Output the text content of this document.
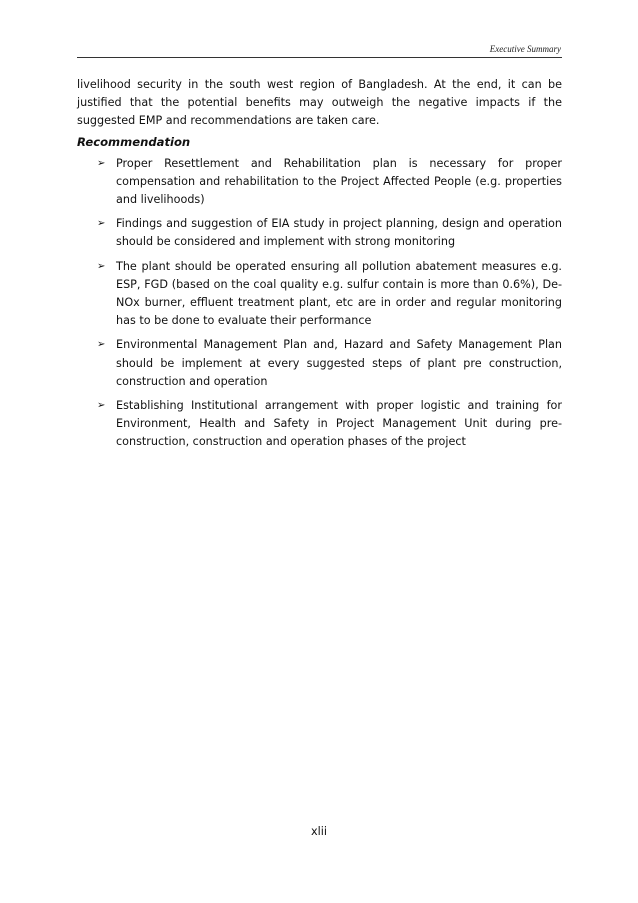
Executive Summary

livelihood security in the south west region of Bangladesh. At the end, it can be justified that the potential benefits may outweigh the negative impacts if the suggested EMP and recommendations are taken care.

Recommendation
➢ Proper Resettlement and Rehabilitation plan is necessary for proper compensation and rehabilitation to the Project Affected People (e.g. properties and livelihoods)
➢ Findings and suggestion of EIA study in project planning, design and operation should be considered and implement with strong monitoring
➢ The plant should be operated ensuring all pollution abatement measures e.g. ESP, FGD (based on the coal quality e.g. sulfur contain is more than 0.6%), De-NOx burner, effluent treatment plant, etc are in order and regular monitoring has to be done to evaluate their performance
➢ Environmental Management Plan and, Hazard and Safety Management Plan should be implement at every suggested steps of plant pre construction, construction and operation
➢ Establishing Institutional arrangement with proper logistic and training for Environment, Health and Safety in Project Management Unit during pre-construction, construction and operation phases of the project
xlii
